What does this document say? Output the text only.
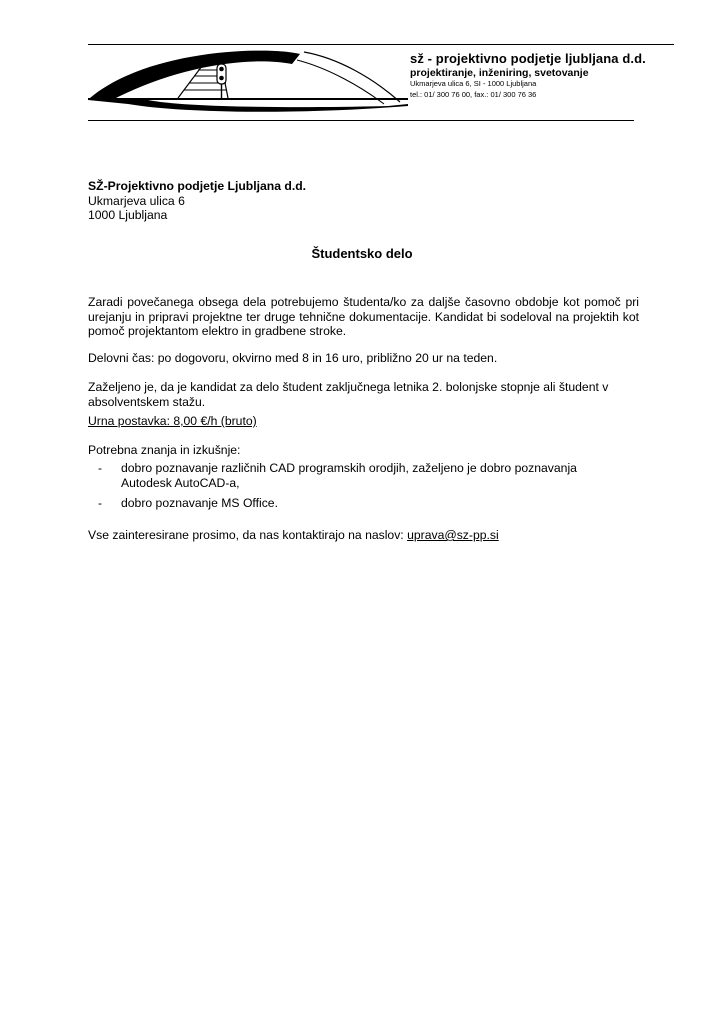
sž - projektivno podjetje ljubljana d.d.
projektiranje, inženiring, svetovanje
Ukmarjeva ulica 6, SI - 1000 Ljubljana
tel.: 01/ 300 76 00, fax.: 01/ 300 76 36
SŽ-Projektivno podjetje Ljubljana d.d.
Ukmarjeva ulica 6
1000 Ljubljana
Študentsko delo
Zaradi povečanega obsega dela potrebujemo študenta/ko za daljše časovno obdobje kot pomoč pri urejanju in pripravi projektne ter druge tehnične dokumentacije. Kandidat bi sodeloval na projektih kot pomoč projektantom elektro in gradbene stroke.
Delovni čas: po dogovoru, okvirno med 8 in 16 uro, približno 20 ur na teden.
Zaželjeno je, da je kandidat za delo študent zaključnega letnika 2. bolonjske stopnje ali študent v
absolventskem stažu.
Urna postavka: 8,00 €/h (bruto)
Potrebna znanja in izkušnje:
- dobro poznavanje različnih CAD programskih orodjih, zaželjeno je dobro poznavanja
Autodesk AutoCAD-a,
- dobro poznavanje MS Office.
Vse zainteresirane prosimo, da nas kontaktirajo na naslov: uprava@sz-pp.si
